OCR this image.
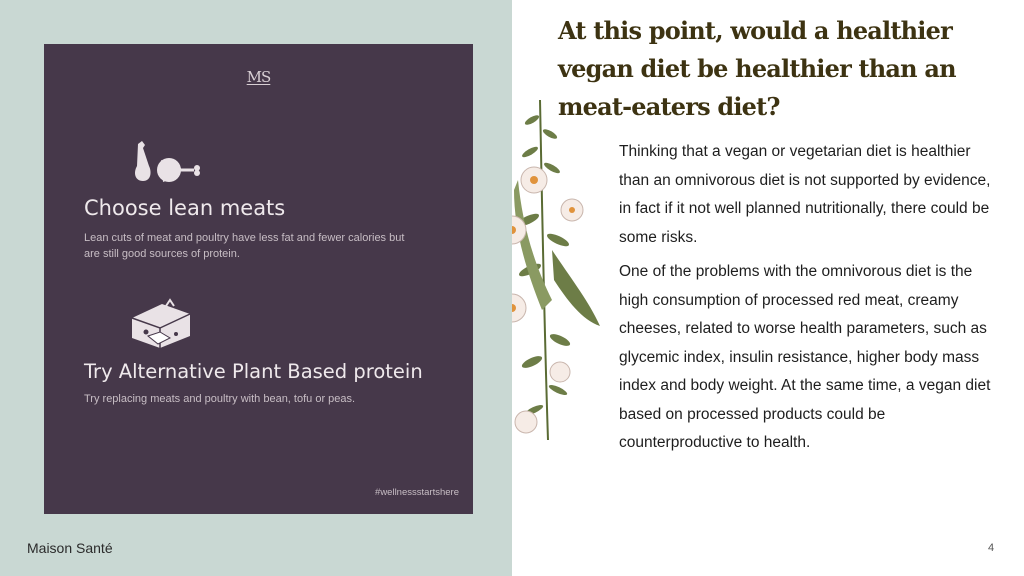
MS
Choose lean meats
Lean cuts of meat and poultry have less fat and fewer calories but are still good sources of protein.
Try Alternative Plant Based protein
Try replacing meats and poultry with bean, tofu or peas.
#wellnessstartshere
Maison Santé
At this point, would a healthier vegan diet be healthier than an meat-eaters diet?

Thinking that a vegan or vegetarian diet is healthier than an omnivorous diet is not supported by evidence, in fact if it not well planned nutritionally, there could be some risks.

One of the problems with the omnivorous diet is the high consumption of processed red meat, creamy cheeses, related to worse health parameters, such as glycemic index, insulin resistance, higher body mass index and body weight. At the same time, a vegan diet based on processed products could be counterproductive to health.

4
